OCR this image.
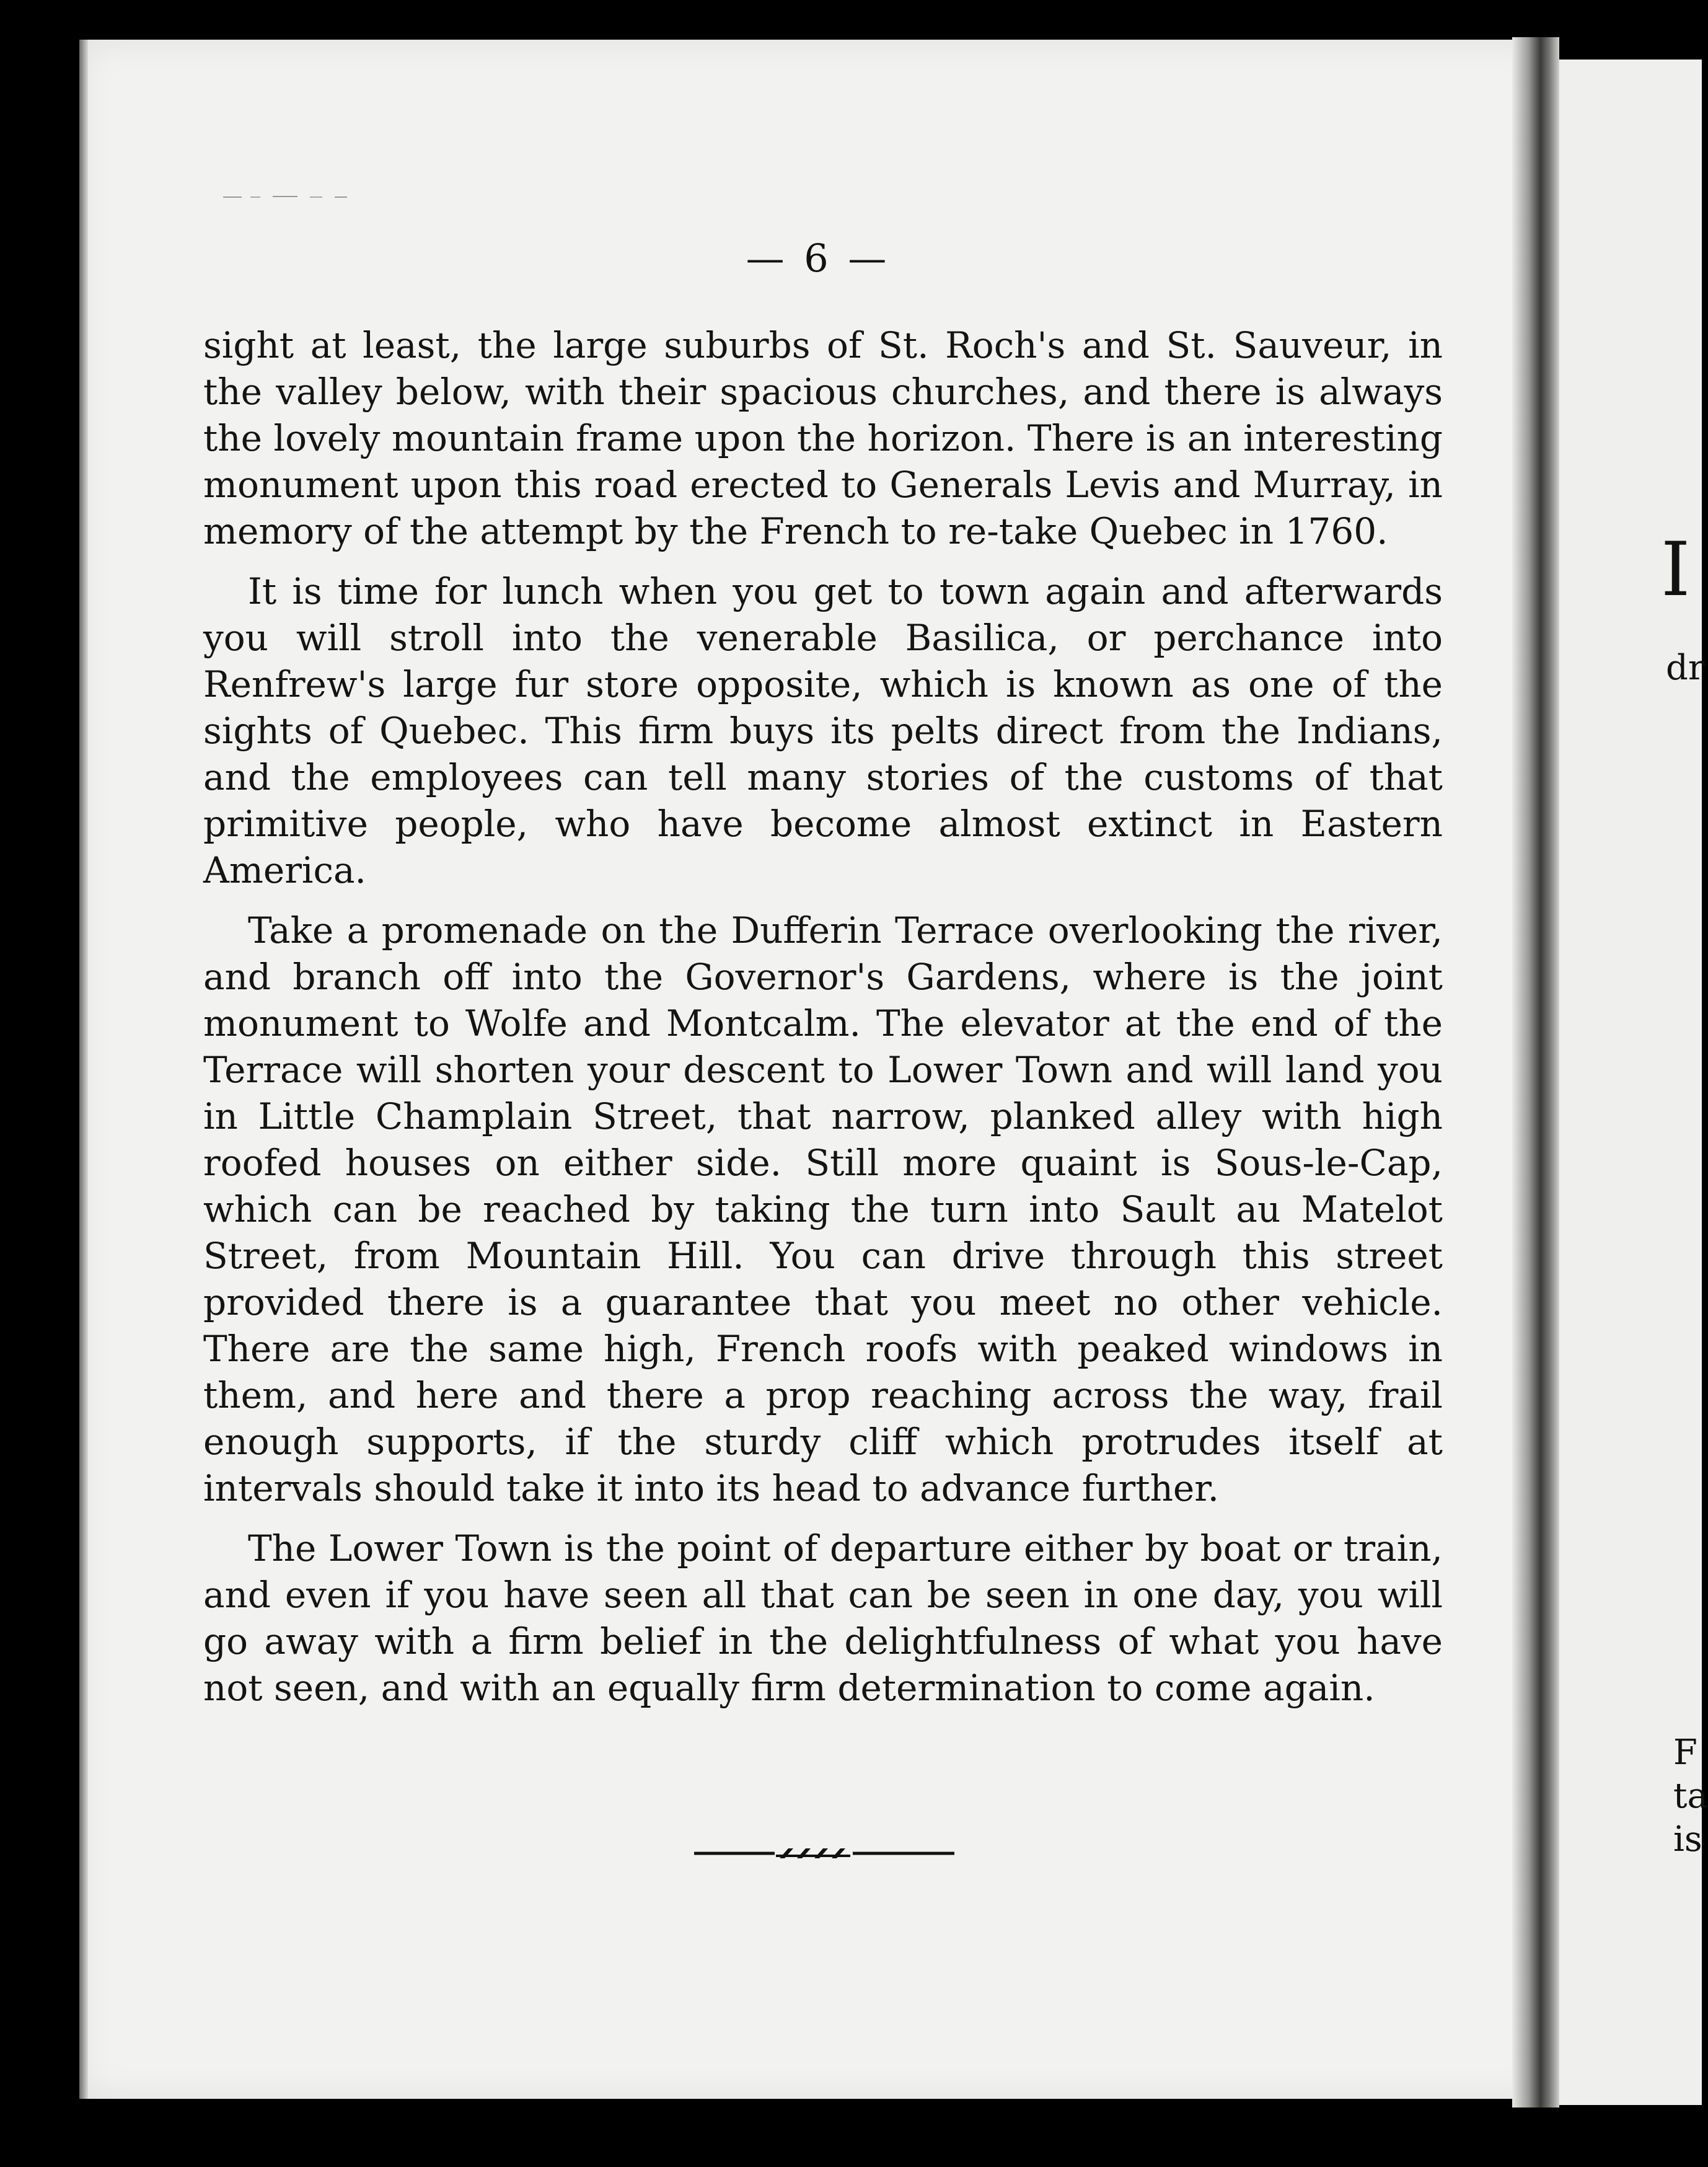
— 6 —

sight at least, the large suburbs of St. Roch's and St. Sauveur, in the valley below, with their spacious churches, and there is always the lovely mountain frame upon the horizon. There is an interesting monument upon this road erected to Generals Levis and Murray, in memory of the attempt by the French to re-take Quebec in 1760.

It is time for lunch when you get to town again and afterwards you will stroll into the venerable Basilica, or perchance into Renfrew's large fur store opposite, which is known as one of the sights of Quebec. This firm buys its pelts direct from the Indians, and the employees can tell many stories of the customs of that primitive people, who have become almost extinct in Eastern America.

Take a promenade on the Dufferin Terrace overlooking the river, and branch off into the Governor's Gardens, where is the joint monument to Wolfe and Montcalm. The elevator at the end of the Terrace will shorten your descent to Lower Town and will land you in Little Champlain Street, that narrow, planked alley with high roofed houses on either side. Still more quaint is Sous-le-Cap, which can be reached by taking the turn into Sault au Matelot Street, from Mountain Hill. You can drive through this street provided there is a guarantee that you meet no other vehicle. There are the same high, French roofs with peaked windows in them, and here and there a prop reaching across the way, frail enough supports, if the sturdy cliff which protrudes itself at intervals should take it into its head to advance further.

The Lower Town is the point of departure either by boat or train, and even if you have seen all that can be seen in one day, you will go away with a firm belief in the delightfulness of what you have not seen, and with an equally firm determination to come again.

I
dr
F
ta
is
